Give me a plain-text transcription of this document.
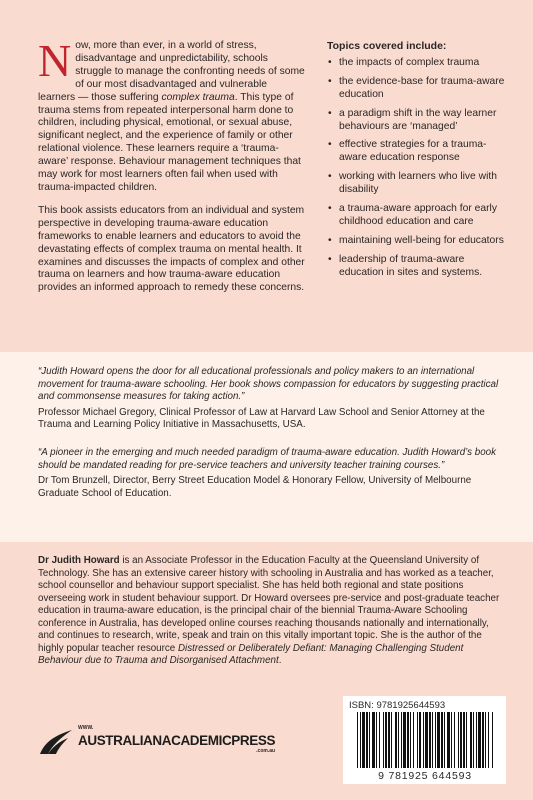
Now, more than ever, in a world of stress, disadvantage and unpredictability, schools struggle to manage the confronting needs of some of our most disadvantaged and vulnerable learners — those suffering complex trauma. This type of trauma stems from repeated interpersonal harm done to children, including physical, emotional, or sexual abuse, significant neglect, and the experience of family or other relational violence. These learners require a ‘trauma-aware’ response. Behaviour management techniques that may work for most learners often fail when used with trauma-impacted children.

This book assists educators from an individual and system perspective in developing trauma-aware education frameworks to enable learners and educators to avoid the devastating effects of complex trauma on mental health. It examines and discusses the impacts of complex and other trauma on learners and how trauma-aware education provides an informed approach to remedy these concerns.

Topics covered include:
• the impacts of complex trauma
• the evidence-base for trauma-aware education
• a paradigm shift in the way learner behaviours are ‘managed’
• effective strategies for a trauma-aware education response
• working with learners who live with disability
• a trauma-aware approach for early childhood education and care
• maintaining well-being for educators
• leadership of trauma-aware education in sites and systems.

“Judith Howard opens the door for all educational professionals and policy makers to an international movement for trauma-aware schooling. Her book shows compassion for educators by suggesting practical and commonsense measures for taking action.”

Professor Michael Gregory, Clinical Professor of Law at Harvard Law School and Senior Attorney at the Trauma and Learning Policy Initiative in Massachusetts, USA.

“A pioneer in the emerging and much needed paradigm of trauma-aware education. Judith Howard’s book should be mandated reading for pre-service teachers and university teacher training courses.”

Dr Tom Brunzell, Director, Berry Street Education Model & Honorary Fellow, University of Melbourne Graduate School of Education.

Dr Judith Howard is an Associate Professor in the Education Faculty at the Queensland University of Technology. She has an extensive career history with schooling in Australia and has worked as a teacher, school counsellor and behaviour support specialist. She has held both regional and state positions overseeing work in student behaviour support. Dr Howard oversees pre-service and post-graduate teacher education in trauma-aware education, is the principal chair of the biennial Trauma-Aware Schooling conference in Australia, has developed online courses reaching thousands nationally and internationally, and continues to research, write, speak and train on this vitally important topic. She is the author of the highly popular teacher resource Distressed or Deliberately Defiant: Managing Challenging Student Behaviour due to Trauma and Disorganised Attachment.

WWW.
AUSTRALIANACADEMICPRESS
.com.au
ISBN: 9781925644593
9 781925 644593
